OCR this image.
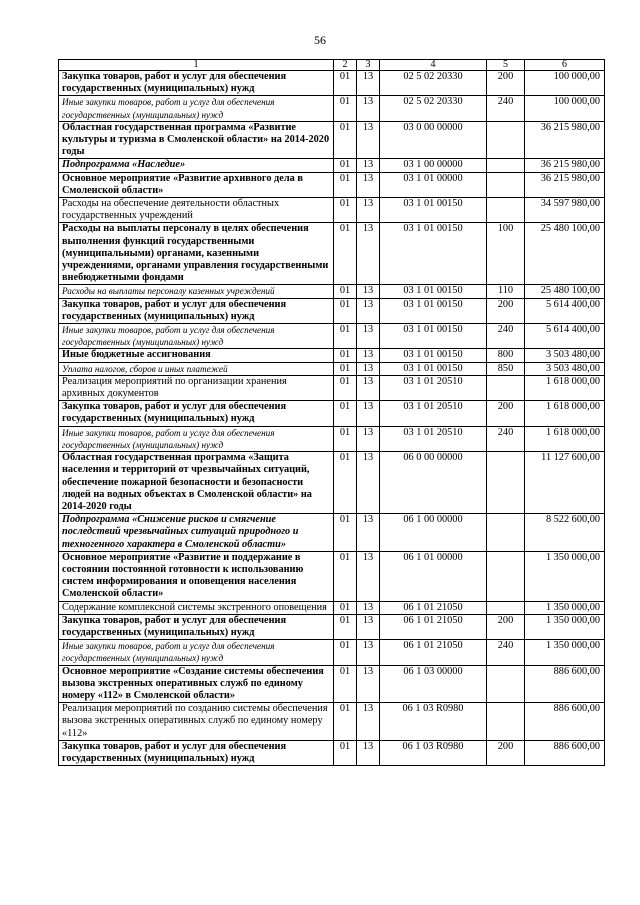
56
1	2	3	4	5	6
Закупка товаров, работ и услуг для обеспечения государственных (муниципальных) нужд	01	13	02 5 02 20330	200	100 000,00
Иные закупки товаров, работ и услуг для обеспечения государственных (муниципальных) нужд	01	13	02 5 02 20330	240	100 000,00
Областная государственная программа «Развитие культуры и туризма в Смоленской области» на 2014-2020 годы	01	13	03 0 00 00000		36 215 980,00
Подпрограмма «Наследие»	01	13	03 1 00 00000		36 215 980,00
Основное мероприятие «Развитие архивного дела в Смоленской области»	01	13	03 1 01 00000		36 215 980,00
Расходы на обеспечение деятельности областных государственных учреждений	01	13	03 1 01 00150		34 597 980,00
Расходы на выплаты персоналу в целях обеспечения выполнения функций государственными (муниципальными) органами, казенными учреждениями, органами управления государственными внебюджетными фондами	01	13	03 1 01 00150	100	25 480 100,00
Расходы на выплаты персоналу казенных учреждений	01	13	03 1 01 00150	110	25 480 100,00
Закупка товаров, работ и услуг для обеспечения государственных (муниципальных) нужд	01	13	03 1 01 00150	200	5 614 400,00
Иные закупки товаров, работ и услуг для обеспечения государственных (муниципальных) нужд	01	13	03 1 01 00150	240	5 614 400,00
Иные бюджетные ассигнования	01	13	03 1 01 00150	800	3 503 480,00
Уплата налогов, сборов и иных платежей	01	13	03 1 01 00150	850	3 503 480,00
Реализация мероприятий по организации хранения архивных документов	01	13	03 1 01 20510		1 618 000,00
Закупка товаров, работ и услуг для обеспечения государственных (муниципальных) нужд	01	13	03 1 01 20510	200	1 618 000,00
Иные закупки товаров, работ и услуг для обеспечения государственных (муниципальных) нужд	01	13	03 1 01 20510	240	1 618 000,00
Областная государственная программа «Защита населения и территорий от чрезвычайных ситуаций, обеспечение пожарной безопасности и безопасности людей на водных объектах в Смоленской области» на 2014-2020 годы	01	13	06 0 00 00000		11 127 600,00
Подпрограмма «Снижение рисков и смягчение последствий чрезвычайных ситуаций природного и техногенного характера в Смоленской области»	01	13	06 1 00 00000		8 522 600,00
Основное мероприятие «Развитие и поддержание в состоянии постоянной готовности к использованию систем информирования и оповещения населения Смоленской области»	01	13	06 1 01 00000		1 350 000,00
Содержание комплексной системы экстренного оповещения	01	13	06 1 01 21050		1 350 000,00
Закупка товаров, работ и услуг для обеспечения государственных (муниципальных) нужд	01	13	06 1 01 21050	200	1 350 000,00
Иные закупки товаров, работ и услуг для обеспечения государственных (муниципальных) нужд	01	13	06 1 01 21050	240	1 350 000,00
Основное мероприятие «Создание системы обеспечения вызова экстренных оперативных служб по единому номеру «112» в Смоленской области»	01	13	06 1 03 00000		886 600,00
Реализация мероприятий по созданию системы обеспечения вызова экстренных оперативных служб по единому номеру «112»	01	13	06 1 03 R0980		886 600,00
Закупка товаров, работ и услуг для обеспечения государственных (муниципальных) нужд	01	13	06 1 03 R0980	200	886 600,00
